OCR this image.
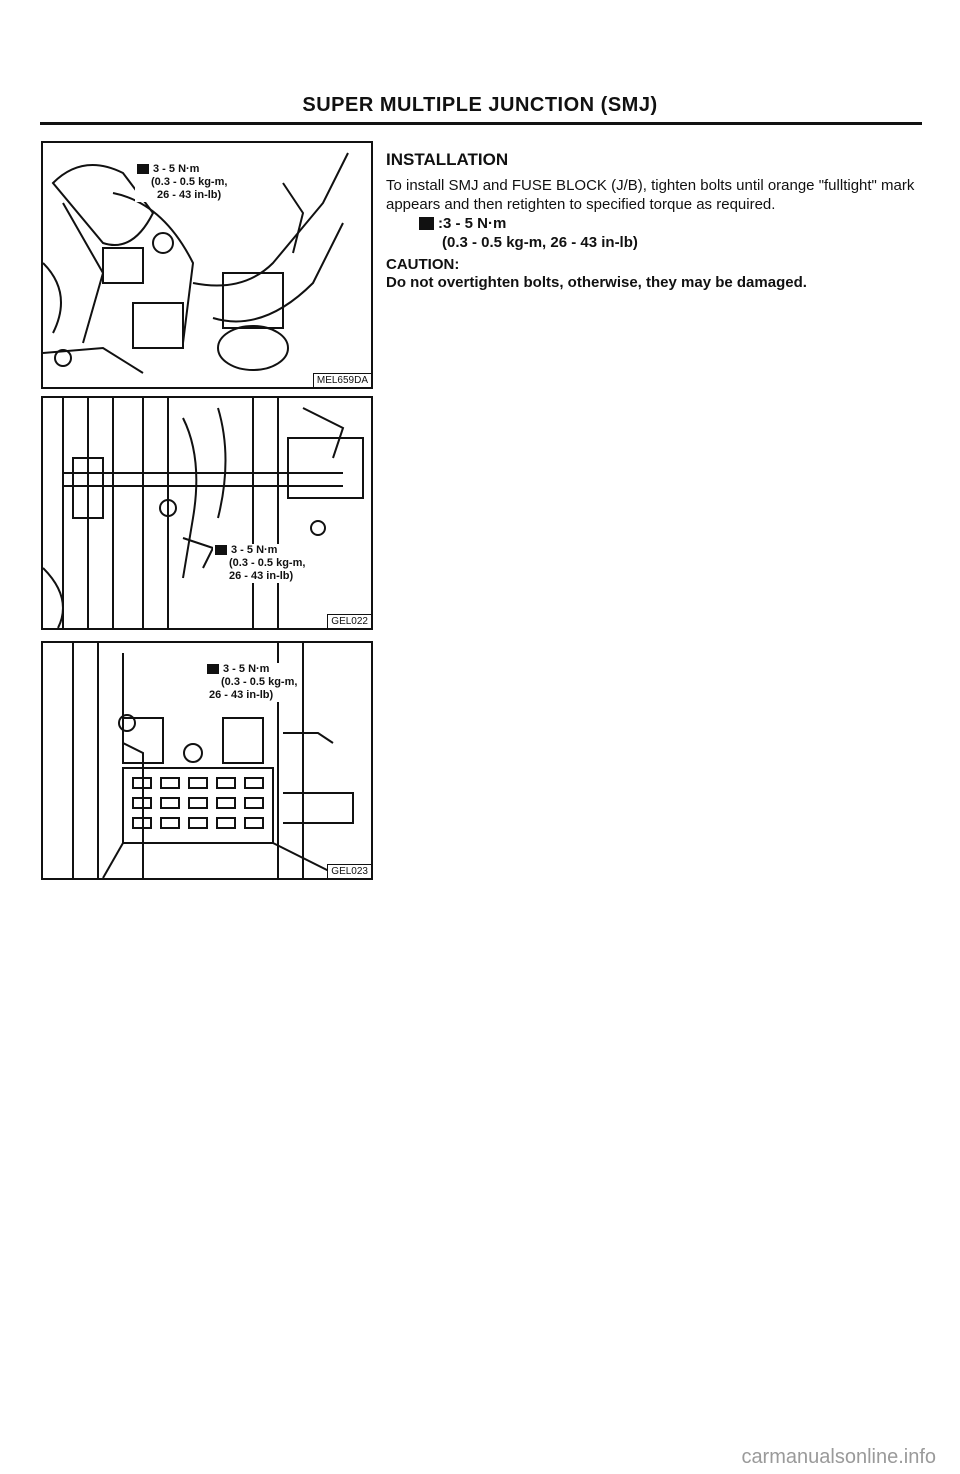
SUPER MULTIPLE JUNCTION (SMJ)
3 - 5 N·m
(0.3 - 0.5 kg-m,
26 - 43 in-lb)
MEL659DA
3 - 5 N·m
(0.3 - 0.5 kg-m,
26 - 43 in-lb)
GEL022
3 - 5 N·m
(0.3 - 0.5 kg-m,
26 - 43 in-lb)
GEL023
INSTALLATION
To install SMJ and FUSE BLOCK (J/B), tighten bolts until orange "fulltight" mark appears and then retighten to specified torque as required.
:3 - 5 N·m
(0.3 - 0.5 kg-m, 26 - 43 in-lb)
CAUTION:
Do not overtighten bolts, otherwise, they may be damaged.
carmanualsonline.info
